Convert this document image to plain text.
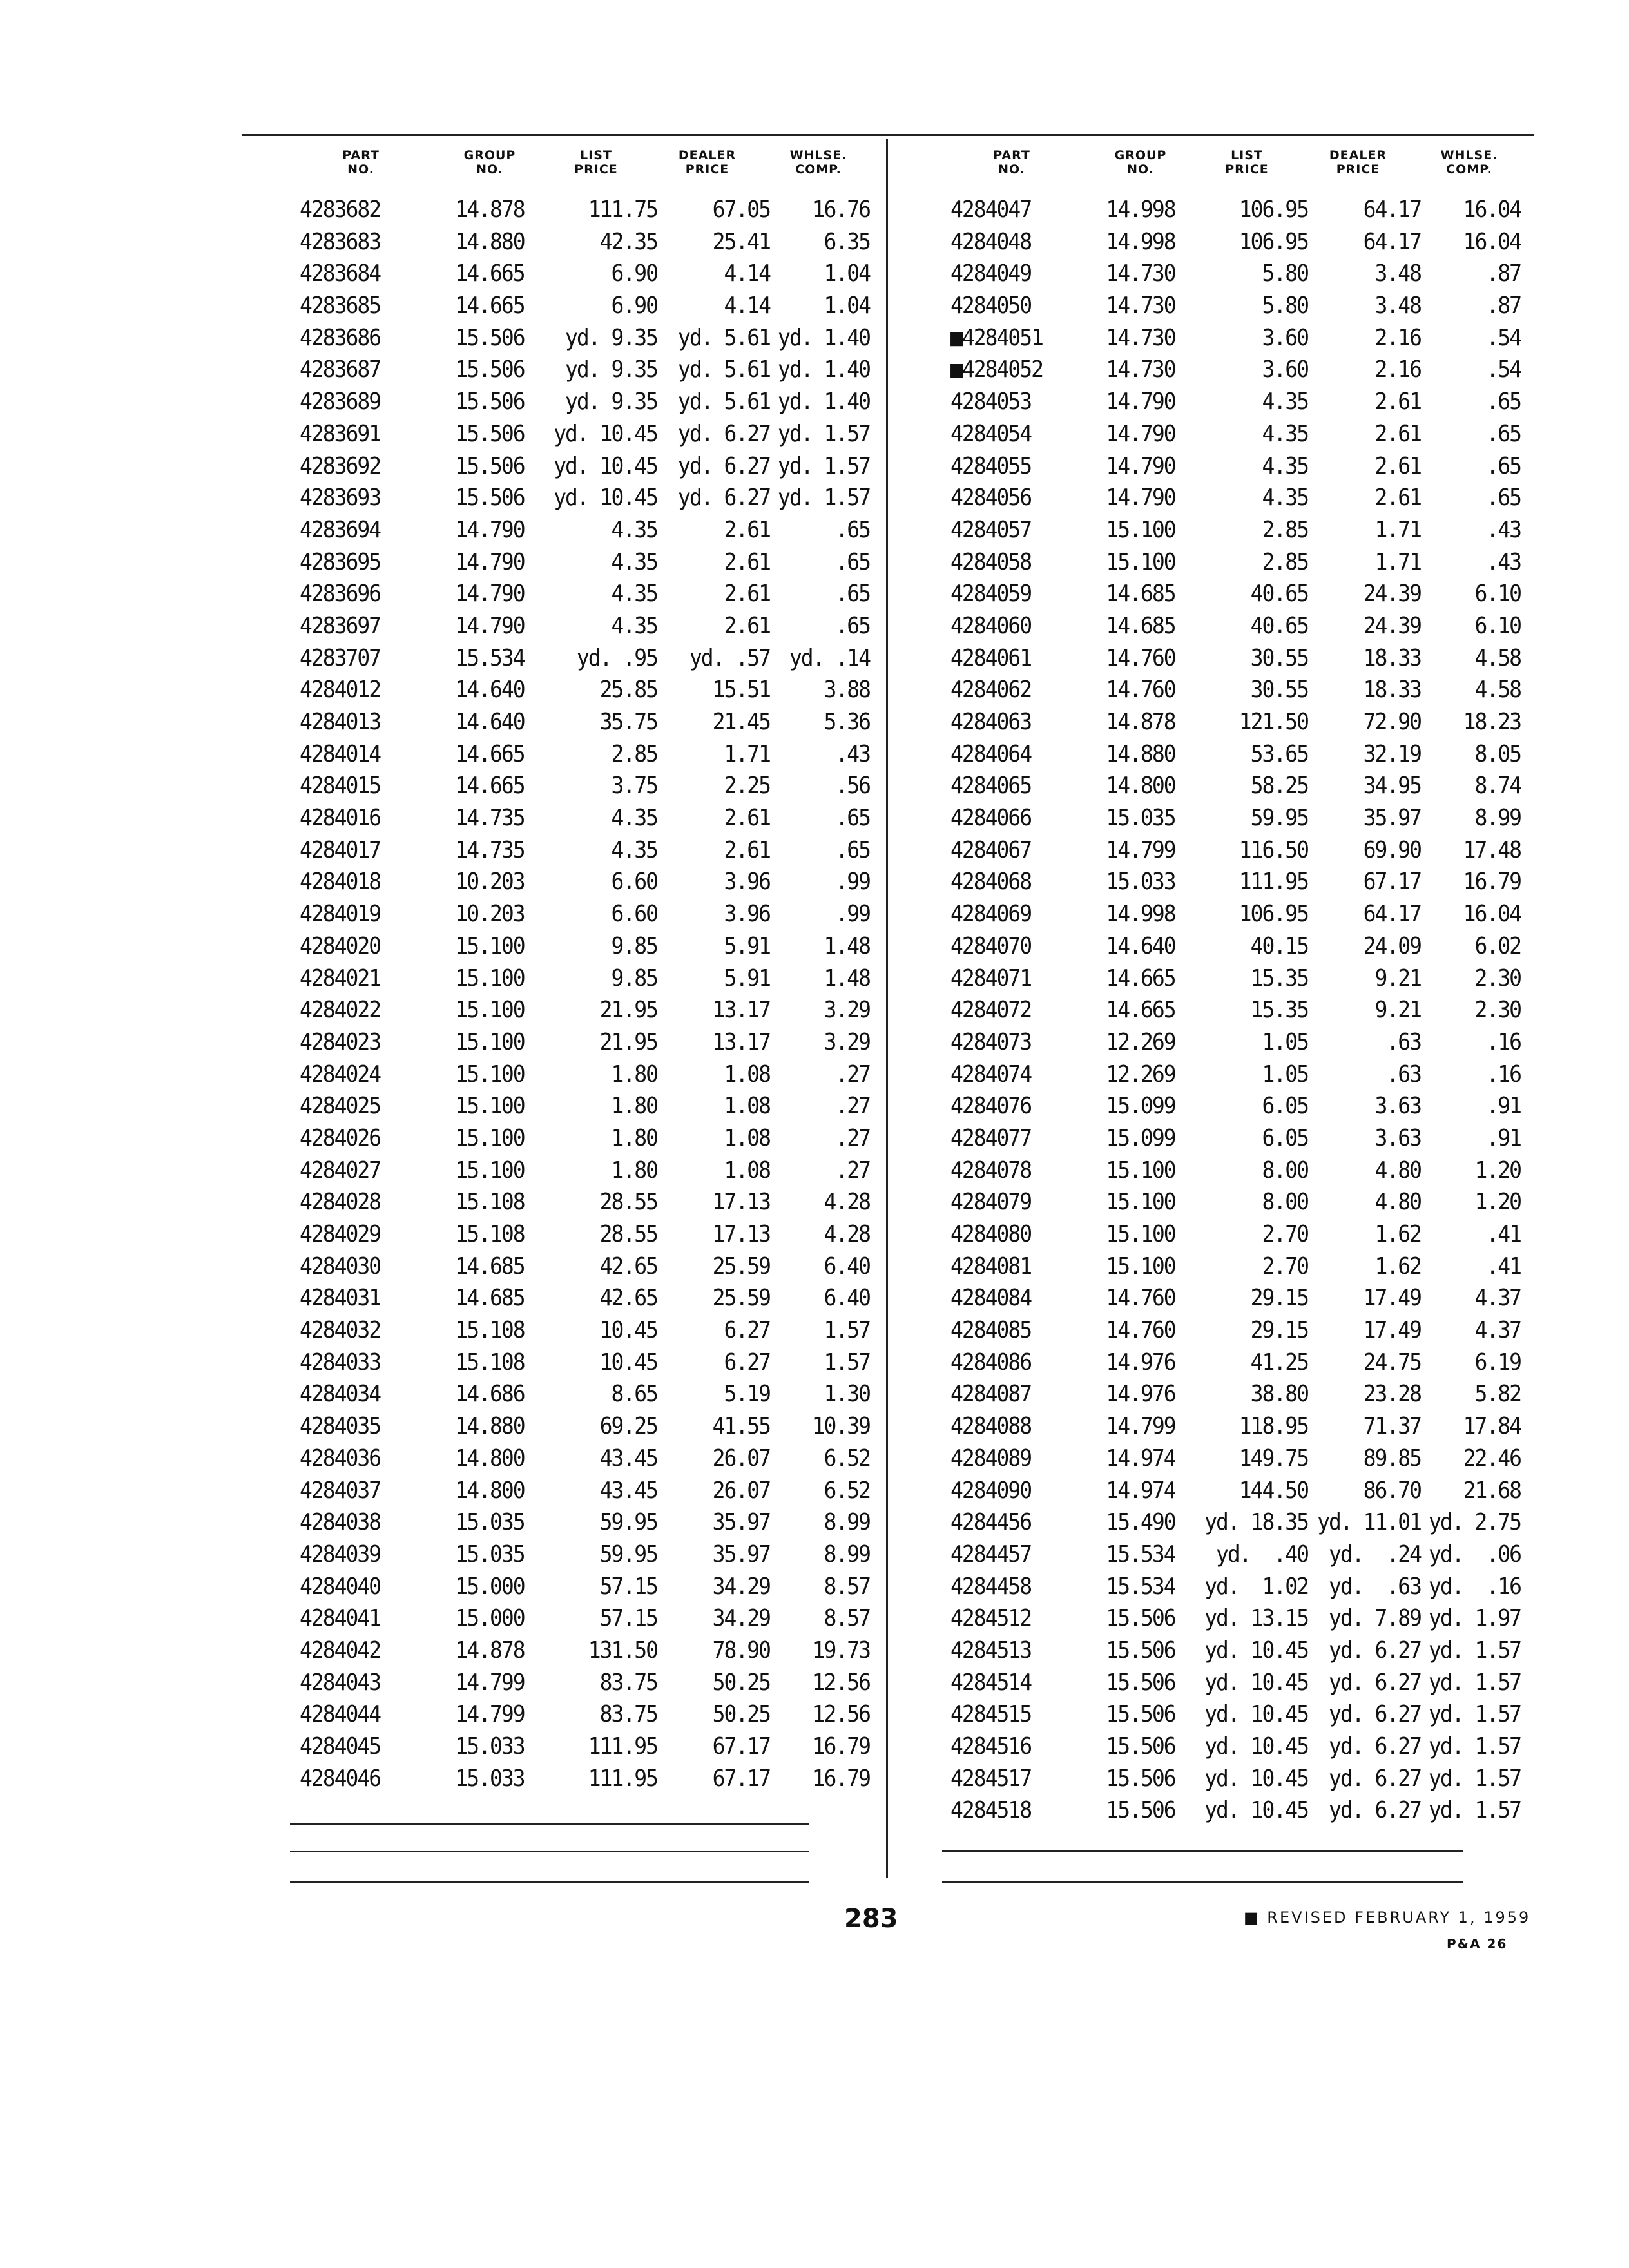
PART
NO.
GROUP
NO.
LIST
PRICE
DEALER
PRICE
WHLSE.
COMP.
4283682	14.878	111.75	67.05	16.76
4283683	14.880	42.35	25.41	6.35
4283684	14.665	6.90	4.14	1.04
4283685	14.665	6.90	4.14	1.04
4283686	15.506	yd. 9.35 yd. 5.61 yd. 1.40
4283687	15.506	yd. 9.35 yd. 5.61 yd. 1.40
4283689	15.506	yd. 9.35 yd. 5.61 yd. 1.40
4283691	15.506	yd. 10.45 yd. 6.27 yd. 1.57
4283692	15.506	yd. 10.45 yd. 6.27 yd. 1.57
4283693	15.506	yd. 10.45 yd. 6.27 yd. 1.57
4283694	14.790	4.35	2.61	.65
4283695	14.790	4.35	2.61	.65
4283696	14.790	4.35	2.61	.65
4283697	14.790	4.35	2.61	.65
4283707	15.534	yd. .95	yd. .57 yd. .14
4284012	14.640	25.85	15.51	3.88
4284013	14.640	35.75	21.45	5.36
4284014	14.665	2.85	1.71	.43
4284015	14.665	3.75	2.25	.56
4284016	14.735	4.35	2.61	.65
4284017	14.735	4.35	2.61	.65
4284018	10.203	6.60	3.96	.99
4284019	10.203	6.60	3.96	.99
4284020	15.100	9.85	5.91	1.48
4284021	15.100	9.85	5.91	1.48
4284022	15.100	21.95	13.17	3.29
4284023	15.100	21.95	13.17	3.29
4284024	15.100	1.80	1.08	.27
4284025	15.100	1.80	1.08	.27
4284026	15.100	1.80	1.08	.27
4284027	15.100	1.80	1.08	.27
4284028	15.108	28.55	17.13	4.28
4284029	15.108	28.55	17.13	4.28
4284030	14.685	42.65	25.59	6.40
4284031	14.685	42.65	25.59	6.40
4284032	15.108	10.45	6.27	1.57
4284033	15.108	10.45	6.27	1.57
4284034	14.686	8.65	5.19	1.30
4284035	14.880	69.25	41.55	10.39
4284036	14.800	43.45	26.07	6.52
4284037	14.800	43.45	26.07	6.52
4284038	15.035	59.95	35.97	8.99
4284039	15.035	59.95	35.97	8.99
4284040	15.000	57.15	34.29	8.57
4284041	15.000	57.15	34.29	8.57
4284042	14.878	131.50	78.90	19.73
4284043	14.799	83.75	50.25	12.56
4284044	14.799	83.75	50.25	12.56
4284045	15.033	111.95	67.17	16.79
4284046	15.033	111.95	67.17	16.79
PART
NO.
GROUP
NO.
LIST
PRICE
DEALER
PRICE
WHLSE.
COMP.
4284047	14.998	106.95	64.17	16.04
4284048	14.998	106.95	64.17	16.04
4284049	14.730	5.80	3.48	.87
4284050	14.730	5.80	3.48	.87
■4284051	14.730	3.60	2.16	.54
■4284052	14.730	3.60	2.16	.54
4284053	14.790	4.35	2.61	.65
4284054	14.790	4.35	2.61	.65
4284055	14.790	4.35	2.61	.65
4284056	14.790	4.35	2.61	.65
4284057	15.100	2.85	1.71	.43
4284058	15.100	2.85	1.71	.43
4284059	14.685	40.65	24.39	6.10
4284060	14.685	40.65	24.39	6.10
4284061	14.760	30.55	18.33	4.58
4284062	14.760	30.55	18.33	4.58
4284063	14.878	121.50	72.90	18.23
4284064	14.880	53.65	32.19	8.05
4284065	14.800	58.25	34.95	8.74
4284066	15.035	59.95	35.97	8.99
4284067	14.799	116.50	69.90	17.48
4284068	15.033	111.95	67.17	16.79
4284069	14.998	106.95	64.17	16.04
4284070	14.640	40.15	24.09	6.02
4284071	14.665	15.35	9.21	2.30
4284072	14.665	15.35	9.21	2.30
4284073	12.269	1.05	.63	.16
4284074	12.269	1.05	.63	.16
4284076	15.099	6.05	3.63	.91
4284077	15.099	6.05	3.63	.91
4284078	15.100	8.00	4.80	1.20
4284079	15.100	8.00	4.80	1.20
4284080	15.100	2.70	1.62	.41
4284081	15.100	2.70	1.62	.41
4284084	14.760	29.15	17.49	4.37
4284085	14.760	29.15	17.49	4.37
4284086	14.976	41.25	24.75	6.19
4284087	14.976	38.80	23.28	5.82
4284088	14.799	118.95	71.37	17.84
4284089	14.974	149.75	89.85	22.46
4284090	14.974	144.50	86.70	21.68
4284456	15.490	yd. 18.35 yd. 11.01 yd. 2.75
4284457	15.534	yd.  .40 yd.  .24 yd.  .06
4284458	15.534	yd.  1.02 yd.  .63 yd.  .16
4284512	15.506	yd. 13.15 yd. 7.89 yd. 1.97
4284513	15.506	yd. 10.45 yd. 6.27 yd. 1.57
4284514	15.506	yd. 10.45 yd. 6.27 yd. 1.57
4284515	15.506	yd. 10.45 yd. 6.27 yd. 1.57
4284516	15.506	yd. 10.45 yd. 6.27 yd. 1.57
4284517	15.506	yd. 10.45 yd. 6.27 yd. 1.57
4284518	15.506	yd. 10.45 yd. 6.27 yd. 1.57
283	■ REVISED FEBRUARY 1, 1959
P&A 26
